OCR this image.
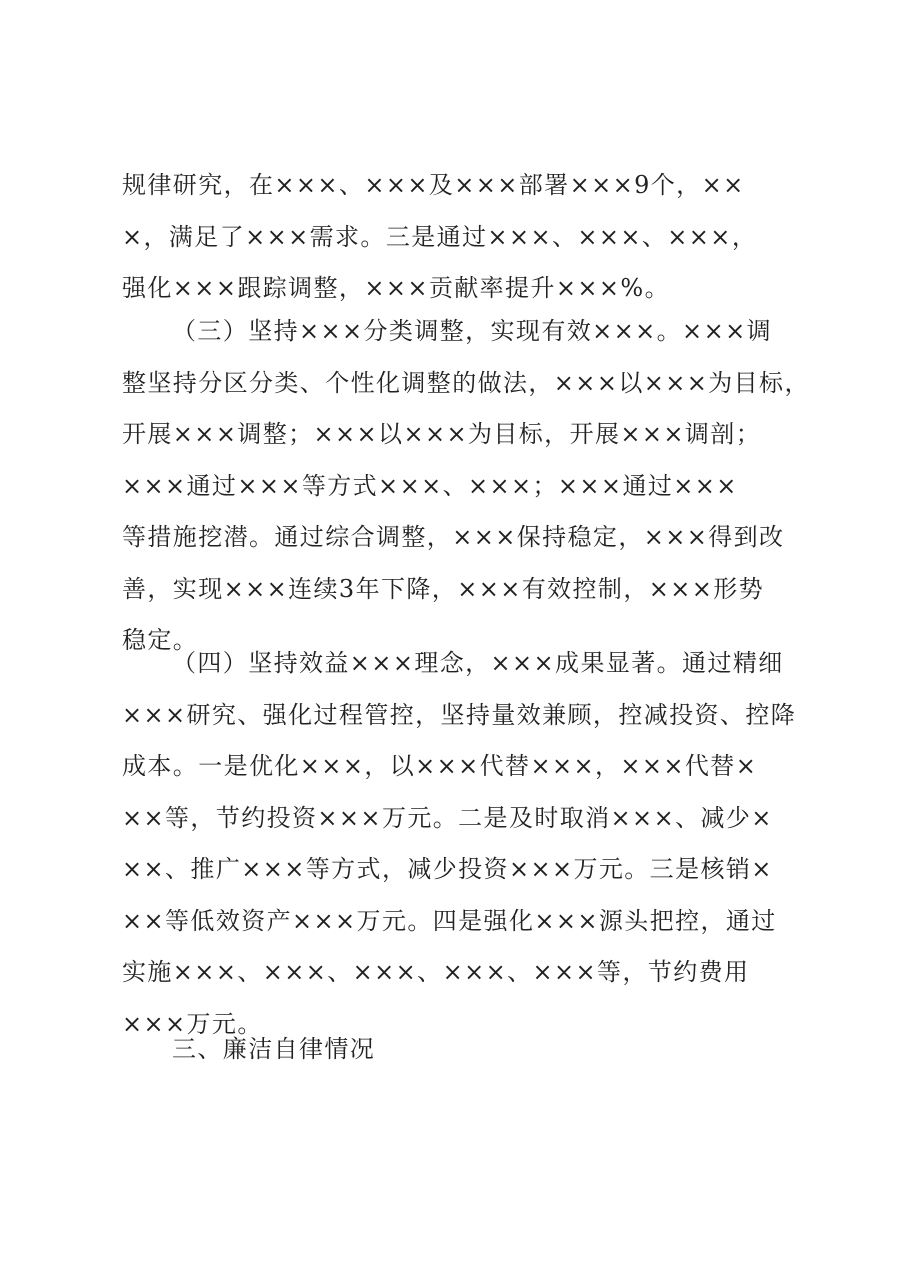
规律研究，在×××、×××及×××部署×××9个，××
×，满足了×××需求。三是通过×××、×××、×××，
强化×××跟踪调整，×××贡献率提升×××%。
（三）坚持×××分类调整，实现有效×××。×××调
整坚持分区分类、个性化调整的做法，×××以×××为目标，
开展×××调整；×××以×××为目标，开展×××调剖；
×××通过×××等方式×××、×××；×××通过×××
等措施挖潜。通过综合调整，×××保持稳定，×××得到改
善，实现×××连续3年下降，×××有效控制，×××形势
稳定。
（四）坚持效益×××理念，×××成果显著。通过精细
×××研究、强化过程管控，坚持量效兼顾，控减投资、控降
成本。一是优化×××，以×××代替×××，×××代替×
××等，节约投资×××万元。二是及时取消×××、减少×
××、推广×××等方式，减少投资×××万元。三是核销×
××等低效资产×××万元。四是强化×××源头把控，通过
实施×××、×××、×××、×××、×××等，节约费用
×××万元。
三、廉洁自律情况
